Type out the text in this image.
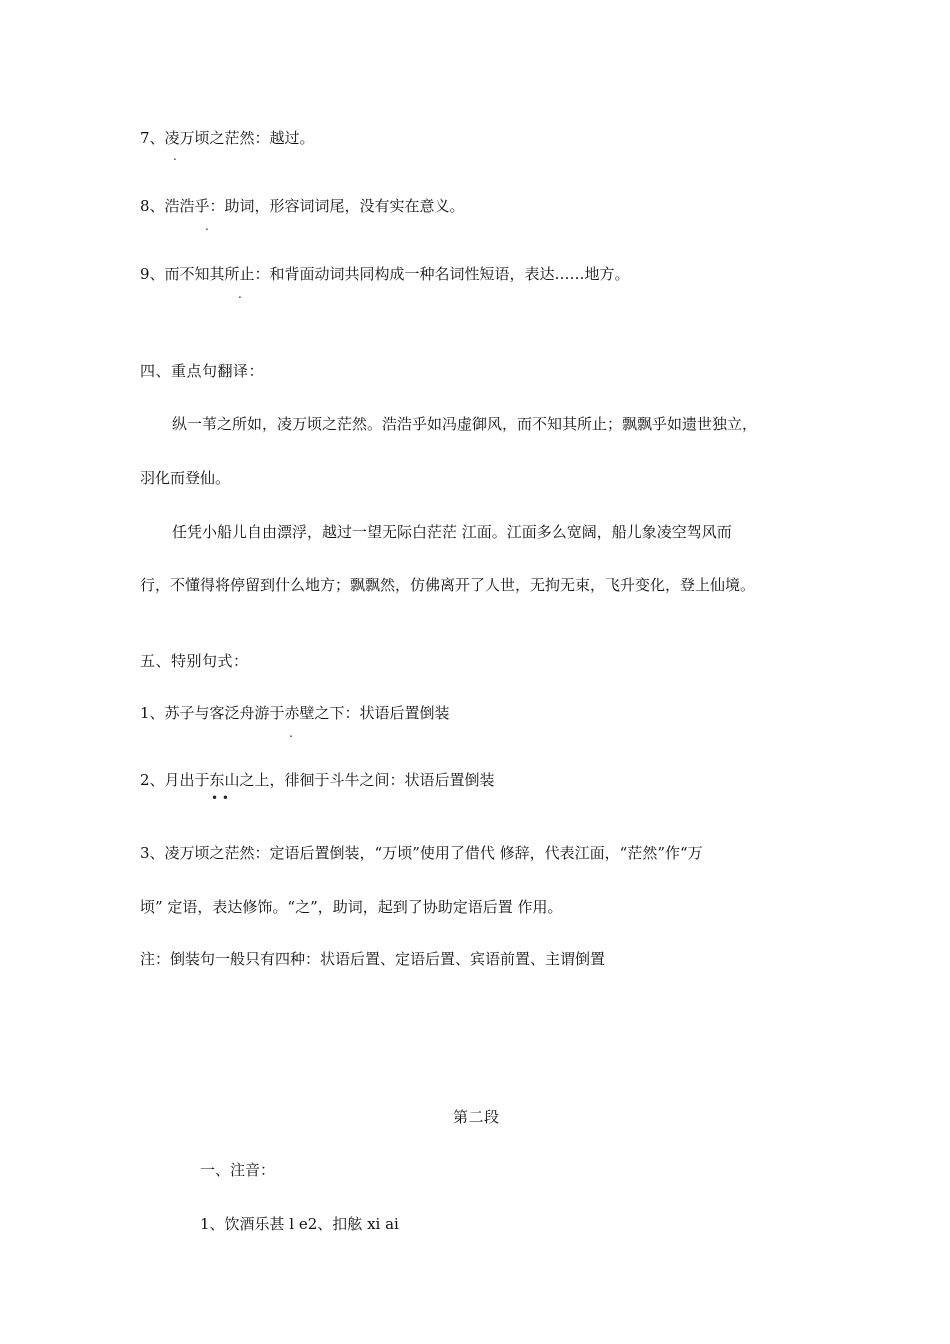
7、凌万顷之茫然：越过。
.
8、浩浩乎：助词，形容词词尾，没有实在意义。
.
9、而不知其所止：和背面动词共同构成一种名词性短语，表达……地方。
.
四、重点句翻译：
纵一苇之所如，凌万顷之茫然。浩浩乎如冯虚御风，而不知其所止；飘飘乎如遗世独立，
羽化而登仙。
任凭小船儿自由漂浮，越过一望无际白茫茫 江面。江面多么宽阔，船儿象凌空驾风而
行，不懂得将停留到什么地方；飘飘然，仿佛离开了人世，无拘无束，飞升变化，登上仙境。
五、特别句式：
1、苏子与客泛舟游于赤壁之下：状语后置倒装
.
2、月出于东山之上，徘徊于斗牛之间：状语后置倒装
• •
3、凌万顷之茫然：定语后置倒装，“万顷”使用了借代 修辞，代表江面，“茫然”作“万
顷” 定语，表达修饰。“之”，助词，起到了协助定语后置 作用。
注：倒装句一般只有四种：状语后置、定语后置、宾语前置、主谓倒置
第二段
一、注音：
1、饮酒乐甚 l e2、扣舷 xi ai
